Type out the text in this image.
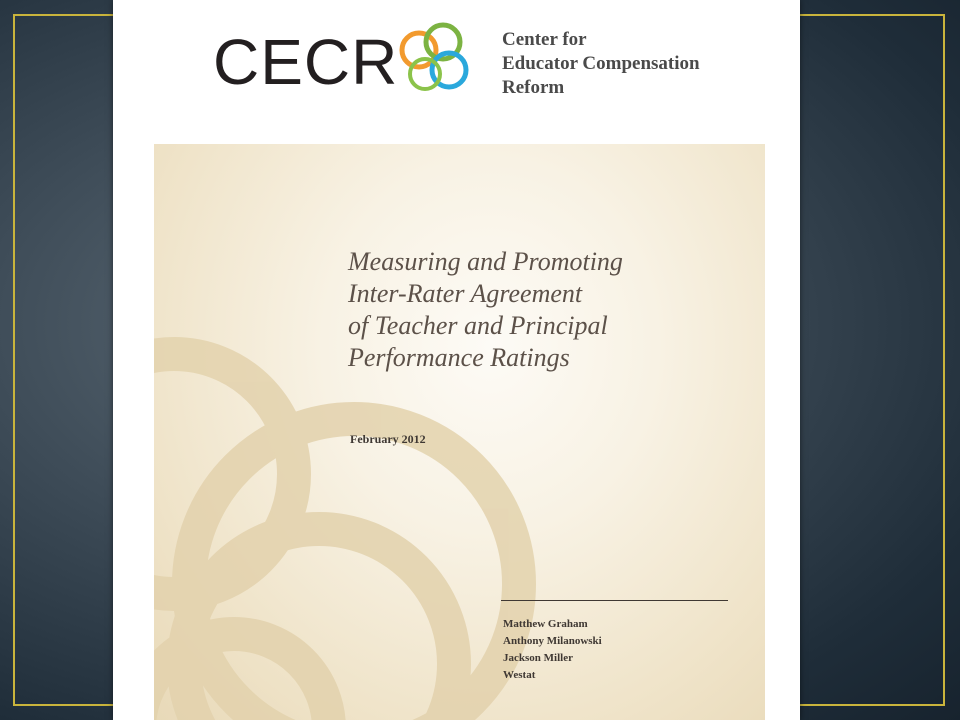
CECR	Center for
Educator Compensation
Reform

Measuring and Promoting
Inter-Rater Agreement
of Teacher and Principal
Performance Ratings
February 2012
Matthew Graham
Anthony Milanowski
Jackson Miller
Westat
